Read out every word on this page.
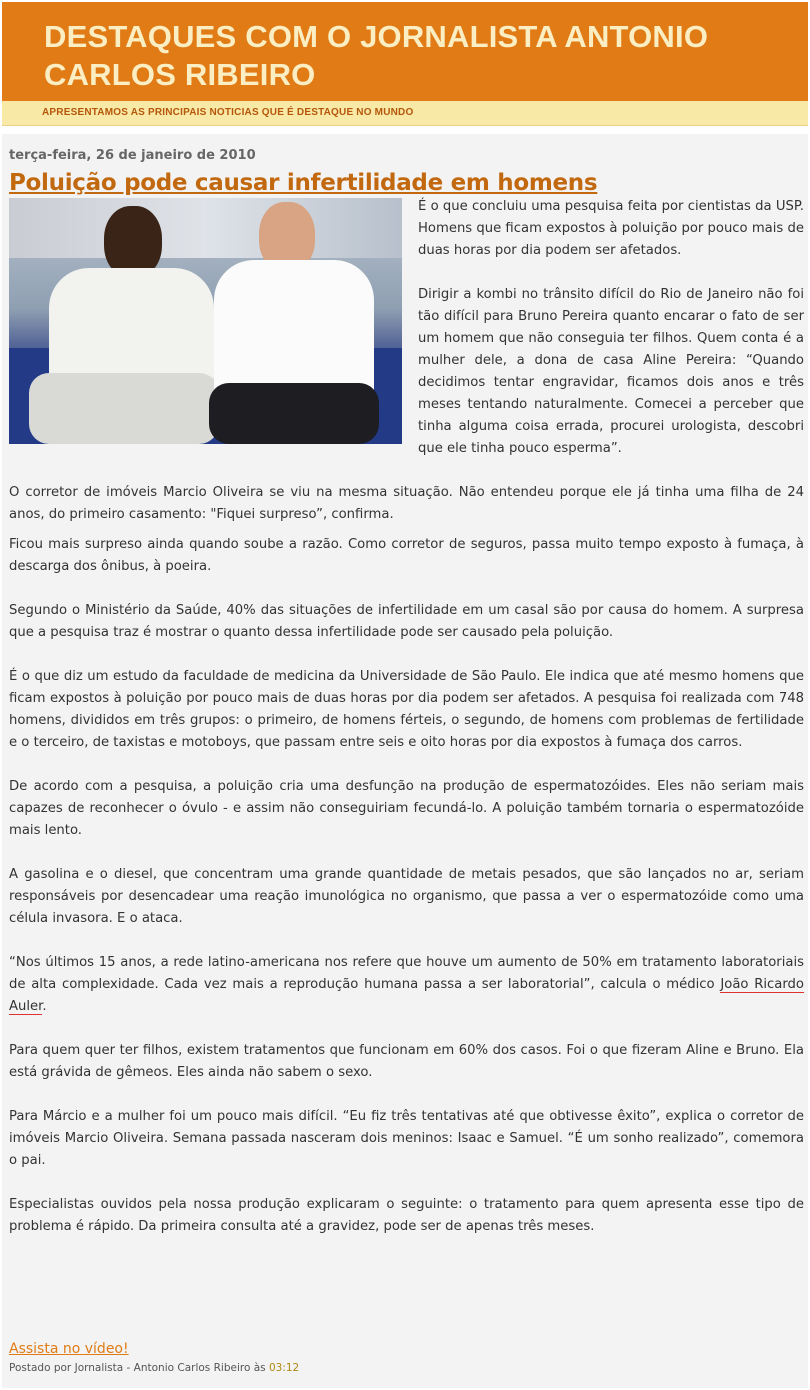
DESTAQUES COM O JORNALISTA ANTONIO CARLOS RIBEIRO
APRESENTAMOS AS PRINCIPAIS NOTICIAS QUE É DESTAQUE NO MUNDO
terça-feira, 26 de janeiro de 2010
Poluição pode causar infertilidade em homens

É o que concluiu uma pesquisa feita por cientistas da USP. Homens que ficam expostos à poluição por pouco mais de duas horas por dia podem ser afetados.

Dirigir a kombi no trânsito difícil do Rio de Janeiro não foi tão difícil para Bruno Pereira quanto encarar o fato de ser um homem que não conseguia ter filhos. Quem conta é a mulher dele, a dona de casa Aline Pereira: “Quando decidimos tentar engravidar, ficamos dois anos e três meses tentando naturalmente. Comecei a perceber que tinha alguma coisa errada, procurei urologista, descobri que ele tinha pouco esperma”.

O corretor de imóveis Marcio Oliveira se viu na mesma situação. Não entendeu porque ele já tinha uma filha de 24 anos, do primeiro casamento: "Fiquei surpreso”, confirma.

Ficou mais surpreso ainda quando soube a razão. Como corretor de seguros, passa muito tempo exposto à fumaça, à descarga dos ônibus, à poeira.

Segundo o Ministério da Saúde, 40% das situações de infertilidade em um casal são por causa do homem. A surpresa que a pesquisa traz é mostrar o quanto dessa infertilidade pode ser causado pela poluição.

É o que diz um estudo da faculdade de medicina da Universidade de São Paulo. Ele indica que até mesmo homens que ficam expostos à poluição por pouco mais de duas horas por dia podem ser afetados. A pesquisa foi realizada com 748 homens, divididos em três grupos: o primeiro, de homens férteis, o segundo, de homens com problemas de fertilidade e o terceiro, de taxistas e motoboys, que passam entre seis e oito horas por dia expostos à fumaça dos carros.

De acordo com a pesquisa, a poluição cria uma desfunção na produção de espermatozóides. Eles não seriam mais capazes de reconhecer o óvulo - e assim não conseguiriam fecundá-lo. A poluição também tornaria o espermatozóide mais lento.

A gasolina e o diesel, que concentram uma grande quantidade de metais pesados, que são lançados no ar, seriam responsáveis por desencadear uma reação imunológica no organismo, que passa a ver o espermatozóide como uma célula invasora. E o ataca.

“Nos últimos 15 anos, a rede latino-americana nos refere que houve um aumento de 50% em tratamento laboratoriais de alta complexidade. Cada vez mais a reprodução humana passa a ser laboratorial”, calcula o médico João Ricardo Auler.

Para quem quer ter filhos, existem tratamentos que funcionam em 60% dos casos. Foi o que fizeram Aline e Bruno. Ela está grávida de gêmeos. Eles ainda não sabem o sexo.

Para Márcio e a mulher foi um pouco mais difícil. “Eu fiz três tentativas até que obtivesse êxito”, explica o corretor de imóveis Marcio Oliveira. Semana passada nasceram dois meninos: Isaac e Samuel. “É um sonho realizado”, comemora o pai.

Especialistas ouvidos pela nossa produção explicaram o seguinte: o tratamento para quem apresenta esse tipo de problema é rápido. Da primeira consulta até a gravidez, pode ser de apenas três meses.

Assista no vídeo!
Postado por Jornalista - Antonio Carlos Ribeiro às 03:12
